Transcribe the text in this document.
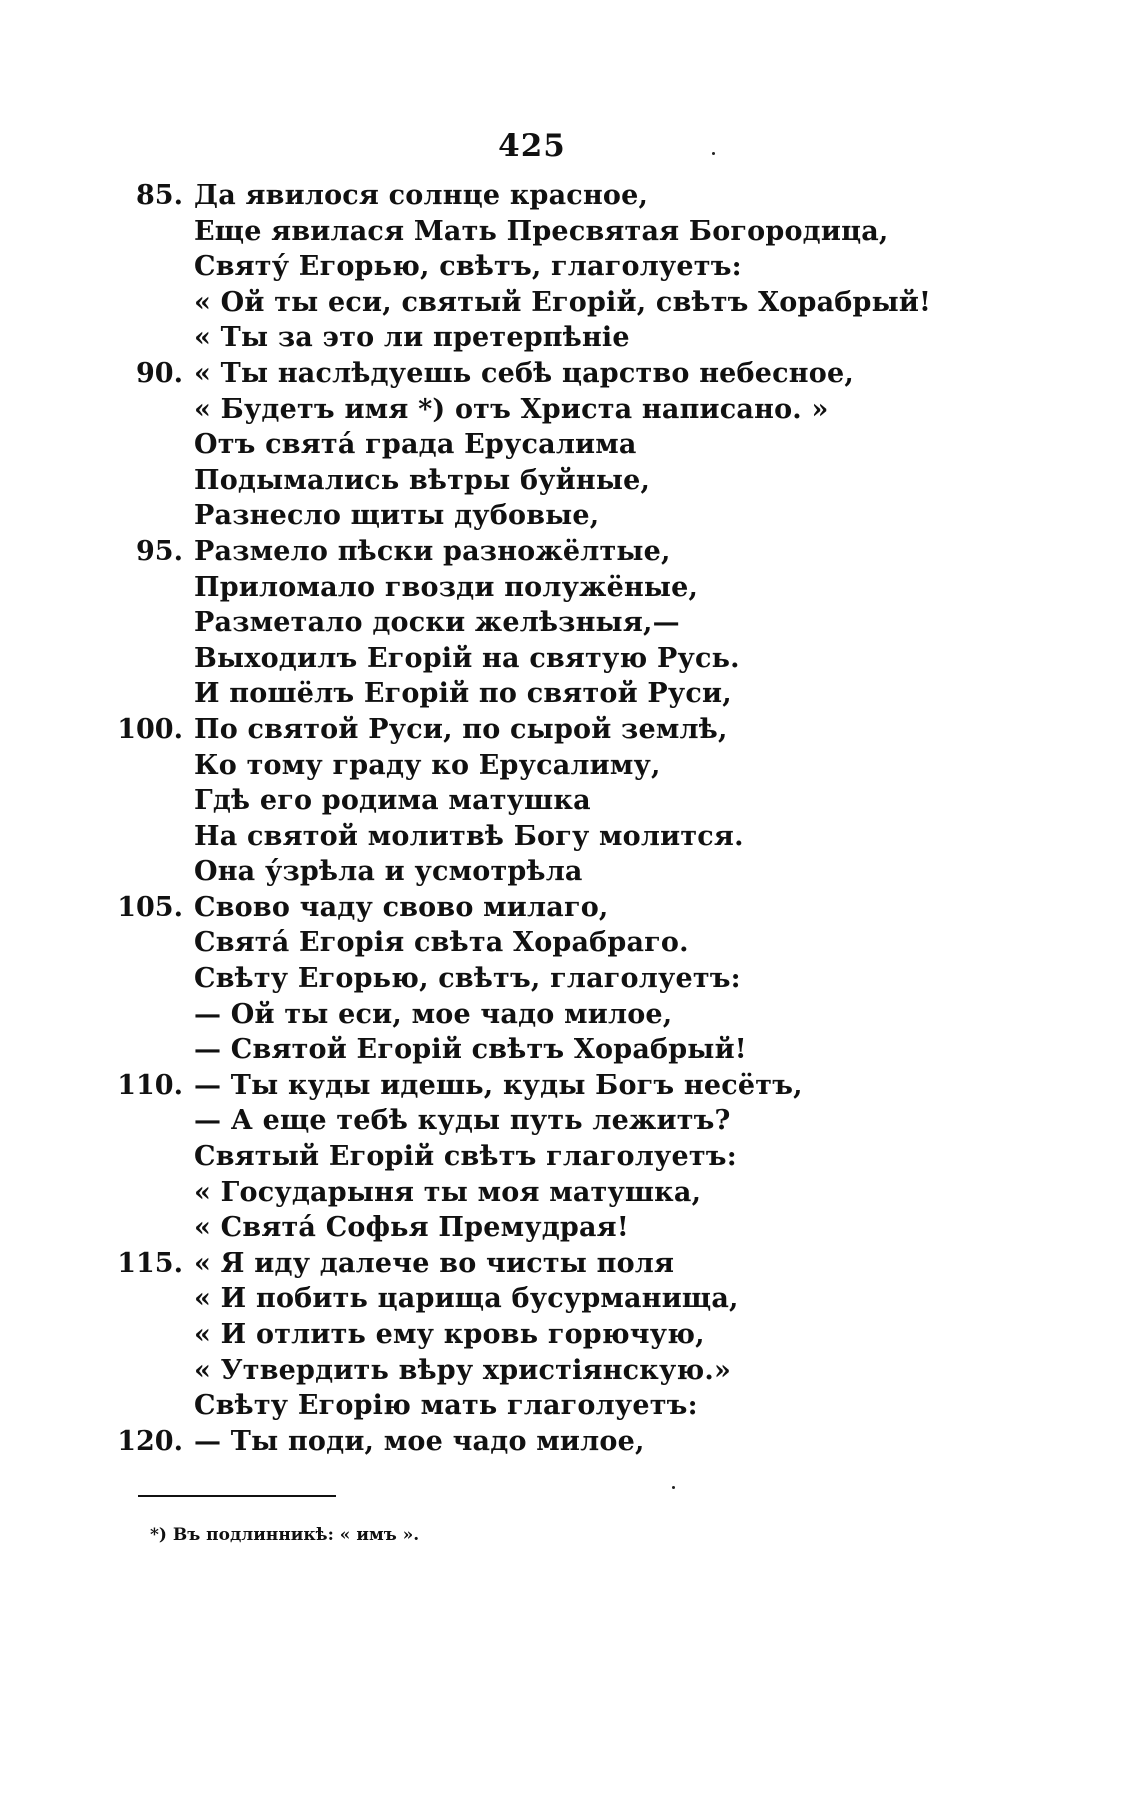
425
85. Да явилося солнце красное,
Еще явилася Мать Пресвятая Богородица,
Святу́ Егорью, свѣтъ, глаголуетъ:
« Ой ты еси, святый Егорій, свѣтъ Хорабрый!
« Ты за это ли претерпѣніе
90. « Ты наслѣдуешь себѣ царство небесное,
« Будетъ имя *) отъ Христа написано. »
Отъ свята́ града Ерусалима
Подымались вѣтры буйные,
Разнесло щиты дубовые,
95. Размело пѣски разножёлтые,
Приломало гвозди полужёные,
Разметало доски желѣзныя,—
Выходилъ Егорій на святую Русь.
И пошёлъ Егорій по святой Руси,
100. По святой Руси, по сырой землѣ,
Ко тому граду ко Ерусалиму,
Гдѣ его родима матушка
На святой молитвѣ Богу молится.
Она у́зрѣла и усмотрѣла
105. Свово чаду свово милаго,
Свята́ Егорія свѣта Хорабраго.
Свѣту Егорью, свѣтъ, глаголуетъ:
— Ой ты еси, мое чадо милое,
— Святой Егорій свѣтъ Хорабрый!
110. — Ты куды идешь, куды Богъ несётъ,
— А еще тебѣ куды путь лежитъ?
Святый Егорій свѣтъ глаголуетъ:
« Государыня ты моя матушка,
« Свята́ Софья Премудрая!
115. « Я иду далече во чисты поля
« И побить царища бусурманища,
« И отлить ему кровь горючую,
« Утвердить вѣру христіянскую.»
Свѣту Егорію мать глаголуетъ:
120. — Ты поди, мое чадо милое,
*) Въ подлинникѣ: « имъ ».
